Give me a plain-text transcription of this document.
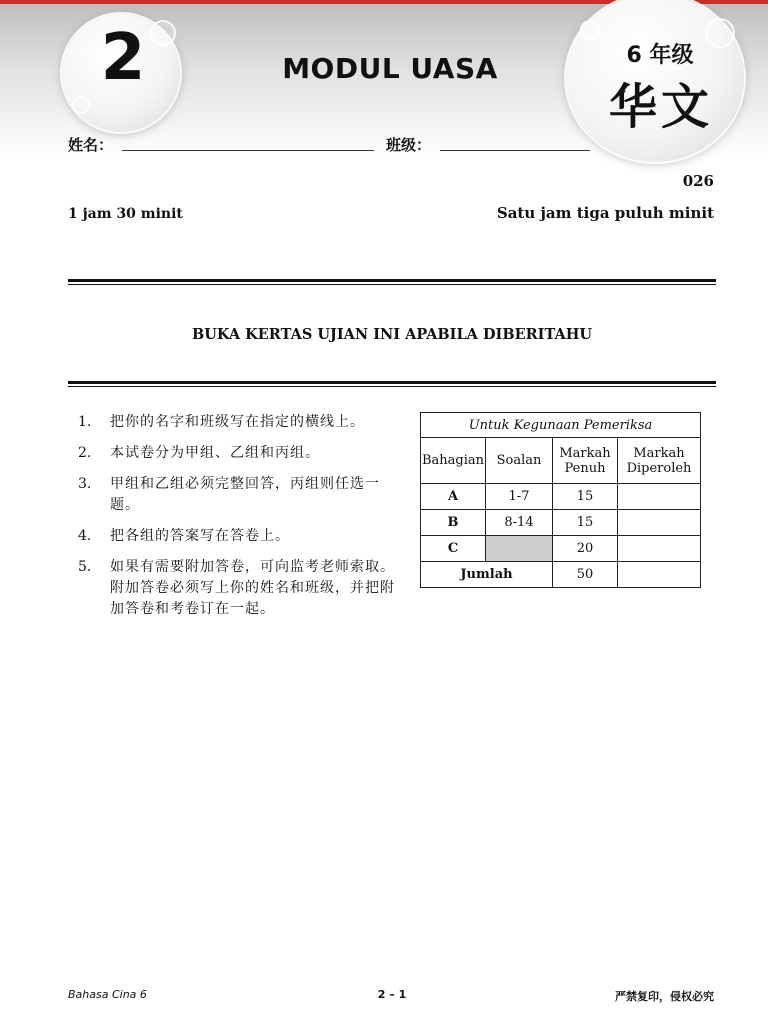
2	MODUL UASA	6 年级
华文
姓名：	班级：
026
1 jam 30 minit	Satu jam tiga puluh minit
BUKA KERTAS UJIAN INI APABILA DIBERITAHU
1.	把你的名字和班级写在指定的横线上。
2.	本试卷分为甲组、乙组和丙组。
3.	甲组和乙组必须完整回答，丙组则任选一题。
4.	把各组的答案写在答卷上。
5.	如果有需要附加答卷，可向监考老师索取。附加答卷必须写上你的姓名和班级，并把附加答卷和考卷订在一起。
Untuk Kegunaan Pemeriksa			
Bahagian	Soalan	Markah Penuh	Markah Diperoleh
A	1-7	15	
B	8-14	15	
C		20	
Jumlah		50	
Bahasa Cina 6	2 – 1	严禁复印，侵权必究
